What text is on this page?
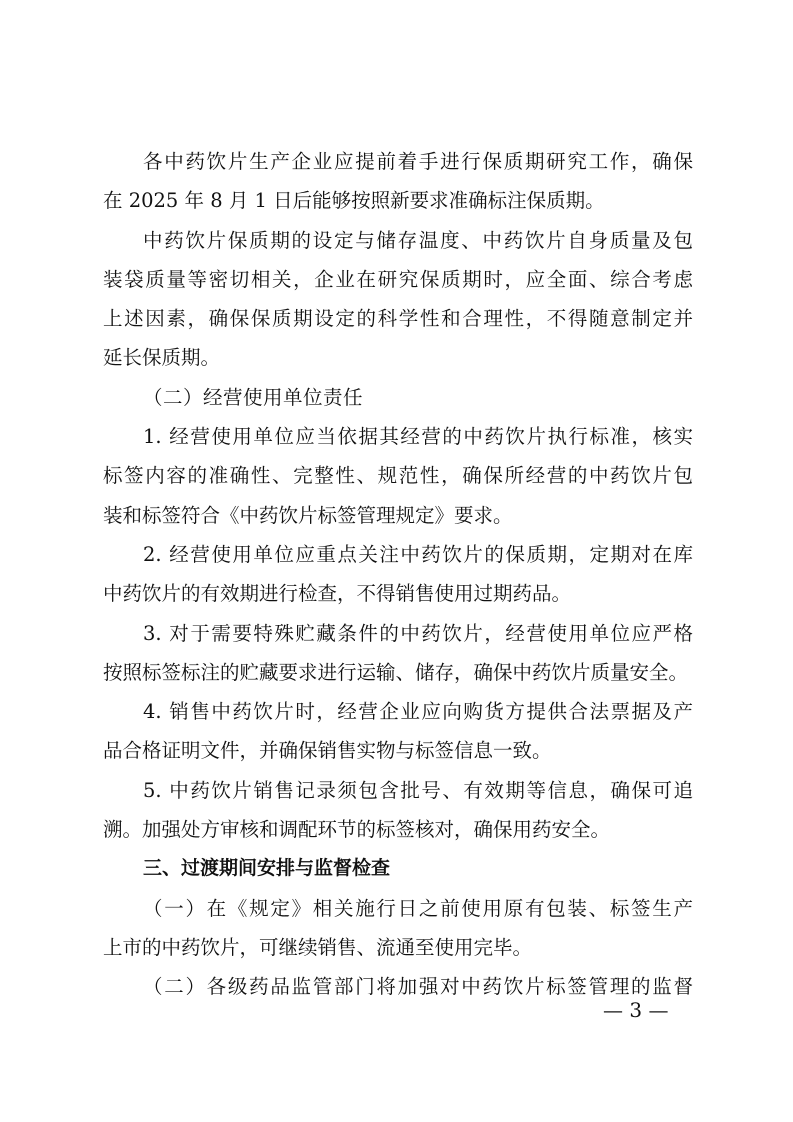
各中药饮片生产企业应提前着手进行保质期研究工作，确保
在 2025 年 8 月 1 日后能够按照新要求准确标注保质期。
中药饮片保质期的设定与储存温度、中药饮片自身质量及包
装袋质量等密切相关，企业在研究保质期时，应全面、综合考虑
上述因素，确保保质期设定的科学性和合理性，不得随意制定并
延长保质期。
（二）经营使用单位责任
1. 经营使用单位应当依据其经营的中药饮片执行标准，核实
标签内容的准确性、完整性、规范性，确保所经营的中药饮片包
装和标签符合《中药饮片标签管理规定》要求。
2. 经营使用单位应重点关注中药饮片的保质期，定期对在库
中药饮片的有效期进行检查，不得销售使用过期药品。
3. 对于需要特殊贮藏条件的中药饮片，经营使用单位应严格
按照标签标注的贮藏要求进行运输、储存，确保中药饮片质量安全。
4. 销售中药饮片时，经营企业应向购货方提供合法票据及产
品合格证明文件，并确保销售实物与标签信息一致。
5. 中药饮片销售记录须包含批号、有效期等信息，确保可追
溯。加强处方审核和调配环节的标签核对，确保用药安全。
三、过渡期间安排与监督检查
（一）在《规定》相关施行日之前使用原有包装、标签生产
上市的中药饮片，可继续销售、流通至使用完毕。
（二）各级药品监管部门将加强对中药饮片标签管理的监督
— 3 —
